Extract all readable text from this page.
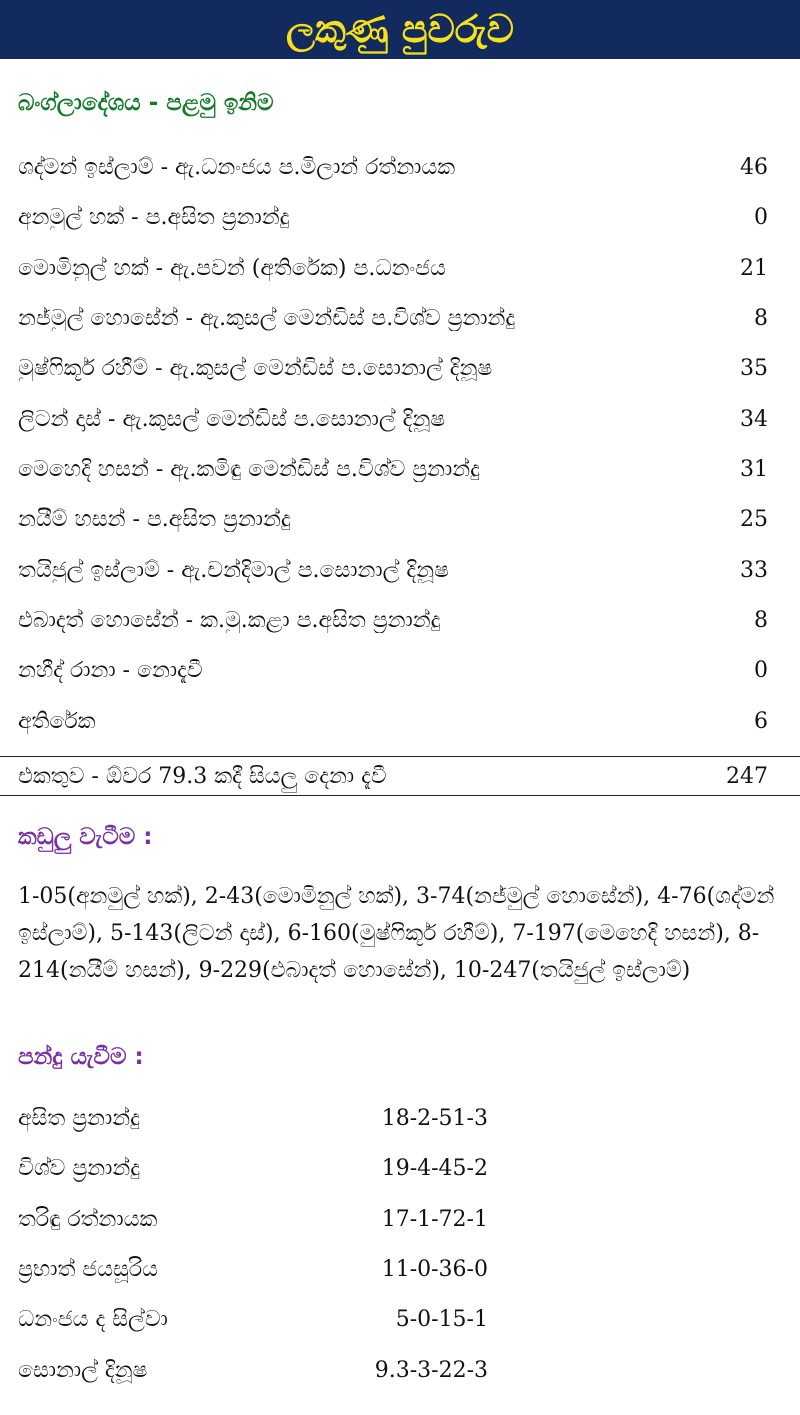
ලකුණු පුවරුව
බංග්ලාදේශය - පළමු ඉනිම
ශද්මන් ඉස්ලාම් - ඇ.ධනංජය ප.මිලාන් රත්නායක	46
අනමුල් හක් - ප.අසිත ප්‍රනාන්දු	0
මොමිනුල් හක් - ඇ.පවන් (අතිරේක) ප.ධනංජය	21
නජ්මුල් හොසේන් - ඇ.කුසල් මෙන්ඩිස් ප.විශ්ව ප්‍රනාන්දු	8
මුෂ්ෆිකූර් රහීම් - ඇ.කුසල් මෙන්ඩිස් ප.සොනාල් දිනූෂ	35
ලිටන් දාස් - ඇ.කුසල් මෙන්ඩිස් ප.සොනාල් දිනූෂ	34
මෙහෙදි හසන් - ඇ.කමිඳු මෙන්ඩිස් ප.විශ්ව ප්‍රනාන්දු	31
නයීම් හසන් - ප.අසිත ප්‍රනාන්දු	25
තයිජුල් ඉස්ලාම් - ඇ.චන්දිමාල් ප.සොනාල් දිනූෂ	33
එබාදත් හොසේන් - ක.මු.කළා ප.අසිත ප්‍රනාන්දු	8
නහීද් රානා - නොදැවී	0
අතිරේක	6
එකතුව - ඕවර 79.3 කදී සියලු දෙනා දැවී	247
කඩුලු වැටීම :

1-05(අනමුල් හක්), 2-43(මොමිනුල් හක්), 3-74(නජ්මුල් හොසේන්), 4-76(ශද්මන් ඉස්ලාම්), 5-143(ලිටන් දාස්), 6-160(මුෂ්ෆිකූර් රහීම්), 7-197(මෙහෙදි හසන්), 8-214(නයීම් හසන්), 9-229(එබාදත් හොසේන්), 10-247(තයිජුල් ඉස්ලාම්)

පන්දු යැවීම :
අසිත ප්‍රනාන්දු	18-2-51-3
විශ්ව ප්‍රනාන්දු	19-4-45-2
තරිඳු රත්නායක	17-1-72-1
ප්‍රභාත් ජයසූරිය	11-0-36-0
ධනංජය ද සිල්වා	5-0-15-1
සොනාල් දිනූෂ	9.3-3-22-3
